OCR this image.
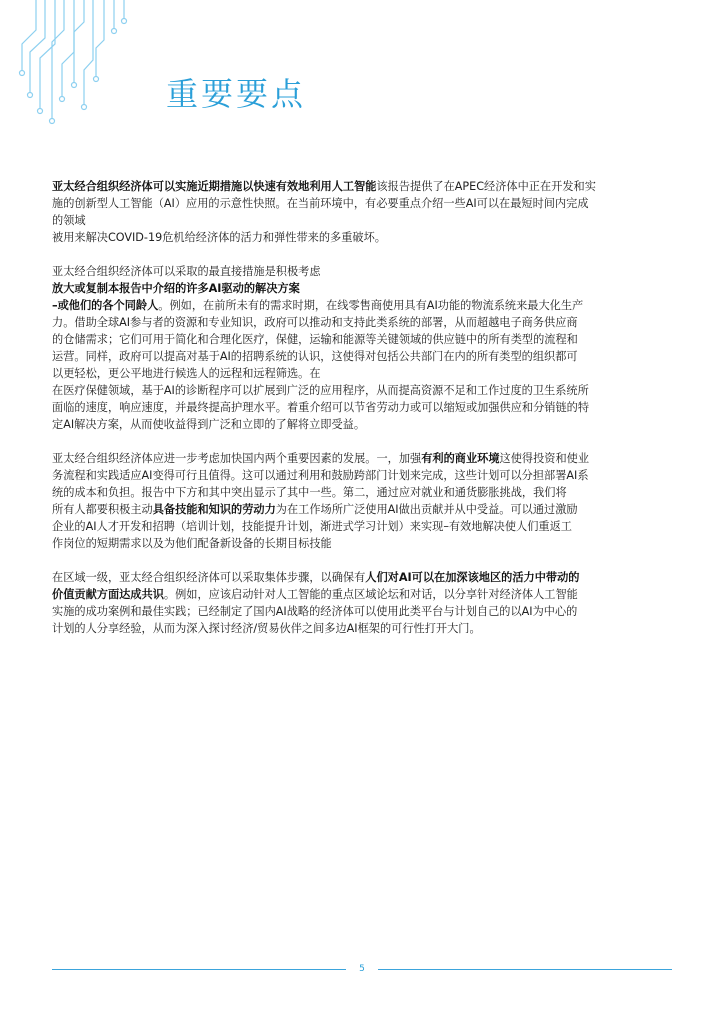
重要要点

亚太经合组织经济体可以实施近期措施以快速有效地利用人工智能该报告提供了在APEC经济体中正在开发和实
施的创新型人工智能（AI）应用的示意性快照。在当前环境中，有必要重点介绍一些AI可以在最短时间内完成
的领域
被用来解决COVID-19危机给经济体的活力和弹性带来的多重破坏。

亚太经合组织经济体可以采取的最直接措施是积极考虑
放大或复制本报告中介绍的许多AI驱动的解决方案
–或他们的各个同龄人。例如，在前所未有的需求时期，在线零售商使用具有AI功能的物流系统来最大化生产
力。借助全球AI参与者的资源和专业知识，政府可以推动和支持此类系统的部署，从而超越电子商务供应商
的仓储需求；它们可用于简化和合理化医疗，保健，运输和能源等关键领域的供应链中的所有类型的流程和
运营。同样，政府可以提高对基于AI的招聘系统的认识，这使得对包括公共部门在内的所有类型的组织都可
以更轻松，更公平地进行候选人的远程和远程筛选。在
在医疗保健领域，基于AI的诊断程序可以扩展到广泛的应用程序，从而提高资源不足和工作过度的卫生系统所
面临的速度，响应速度，并最终提高护理水平。着重介绍可以节省劳动力或可以缩短或加强供应和分销链的特
定AI解决方案，从而使收益得到广泛和立即的了解将立即受益。

亚太经合组织经济体应进一步考虑加快国内两个重要因素的发展。一，加强有利的商业环境这使得投资和使业
务流程和实践适应AI变得可行且值得。这可以通过利用和鼓励跨部门计划来完成，这些计划可以分担部署AI系
统的成本和负担。报告中下方和其中突出显示了其中一些。第二，通过应对就业和通货膨胀挑战，我们将
所有人都要积极主动具备技能和知识的劳动力为在工作场所广泛使用AI做出贡献并从中受益。可以通过激励
企业的AI人才开发和招聘（培训计划，技能提升计划，渐进式学习计划）来实现–有效地解决使人们重返工
作岗位的短期需求以及为他们配备新设备的长期目标技能

在区域一级，亚太经合组织经济体可以采取集体步骤，以确保有人们对AI可以在加深该地区的活力中带动的
价值贡献方面达成共识。例如，应该启动针对人工智能的重点区域论坛和对话，以分享针对经济体人工智能
实施的成功案例和最佳实践；已经制定了国内AI战略的经济体可以使用此类平台与计划自己的以AI为中心的
计划的人分享经验，从而为深入探讨经济/贸易伙伴之间多边AI框架的可行性打开大门。

5
